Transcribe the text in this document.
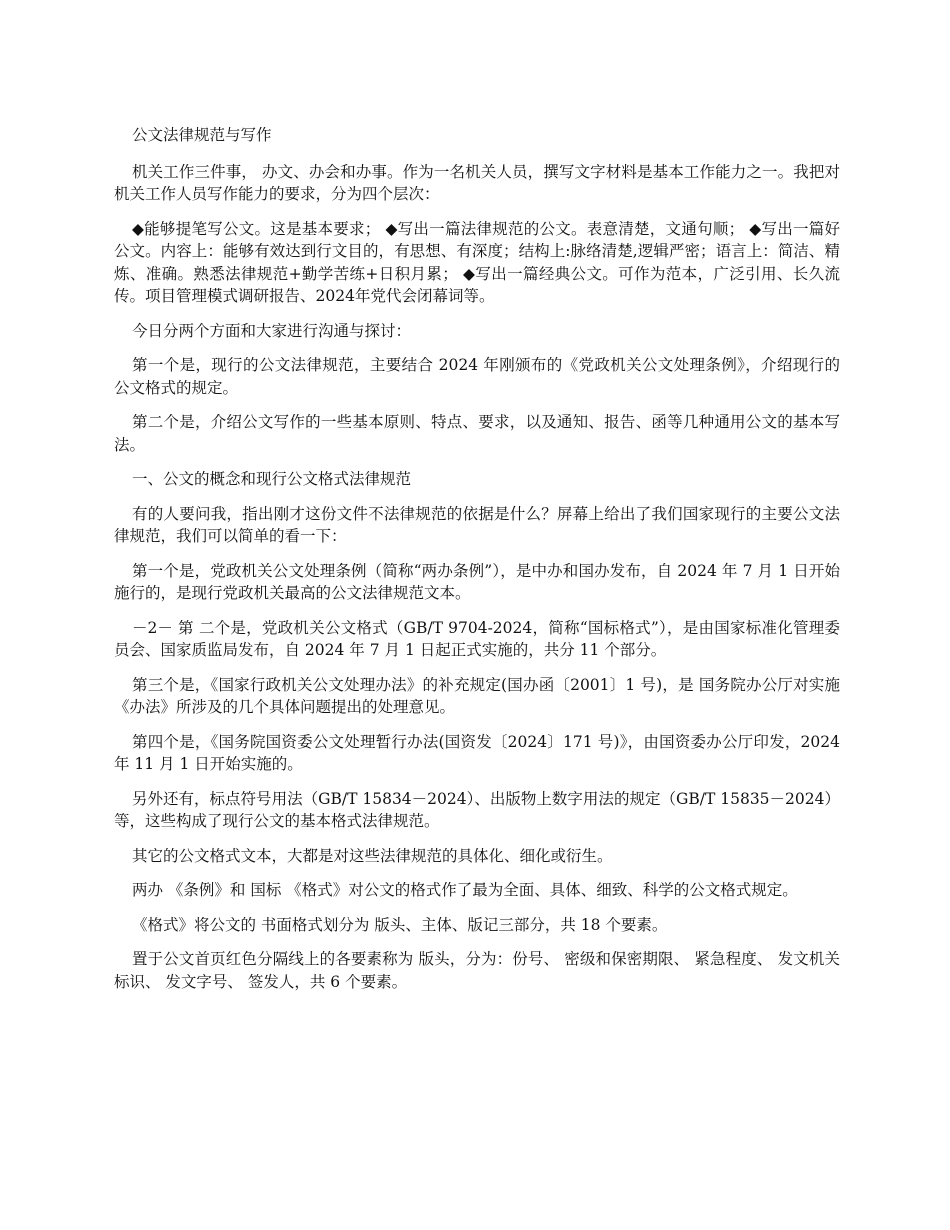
公文法律规范与写作

机关工作三件事， 办文、办会和办事。作为一名机关人员，撰写文字材料是基本工作能力之一。我把对机关工作人员写作能力的要求，分为四个层次：

◆能够提笔写公文。这是基本要求； ◆写出一篇法律规范的公文。表意清楚，文通句顺； ◆写出一篇好公文。内容上：能够有效达到行文目的，有思想、有深度；结构上:脉络清楚,逻辑严密；语言上：简洁、精炼、准确。熟悉法律规范+勤学苦练+日积月累； ◆写出一篇经典公文。可作为范本，广泛引用、长久流传。项目管理模式调研报告、2024年党代会闭幕词等。

今日分两个方面和大家进行沟通与探讨：

第一个是，现行的公文法律规范，主要结合 2024 年刚颁布的《党政机关公文处理条例》，介绍现行的公文格式的规定。

第二个是，介绍公文写作的一些基本原则、特点、要求，以及通知、报告、函等几种通用公文的基本写法。

一、公文的概念和现行公文格式法律规范

有的人要问我，指出刚才这份文件不法律规范的依据是什么？屏幕上给出了我们国家现行的主要公文法律规范，我们可以简单的看一下：

第一个是，党政机关公文处理条例（简称“两办条例”），是中办和国办发布，自 2024 年 7 月 1 日开始施行的，是现行党政机关最高的公文法律规范文本。

－2－ 第 二个是，党政机关公文格式（GB/T 9704-2024，简称“国标格式”），是由国家标准化管理委员会、国家质监局发布，自 2024 年 7 月 1 日起正式实施的，共分 11 个部分。

第三个是，《国家行政机关公文处理办法》的补充规定(国办函〔2001〕1 号)，是 国务院办公厅对实施《办法》所涉及的几个具体问题提出的处理意见。

第四个是，《国务院国资委公文处理暂行办法(国资发〔2024〕171 号)》，由国资委办公厅印发，2024 年 11 月 1 日开始实施的。

另外还有，标点符号用法（GB/T 15834－2024）、出版物上数字用法的规定（GB/T 15835－2024）等，这些构成了现行公文的基本格式法律规范。

其它的公文格式文本，大都是对这些法律规范的具体化、细化或衍生。

两办 《条例》和 国标 《格式》对公文的格式作了最为全面、具体、细致、科学的公文格式规定。

《格式》将公文的 书面格式划分为 版头、主体、版记三部分，共 18 个要素。

置于公文首页红色分隔线上的各要素称为 版头，分为：份号、 密级和保密期限、 紧急程度、 发文机关标识、 发文字号、 签发人，共 6 个要素。
